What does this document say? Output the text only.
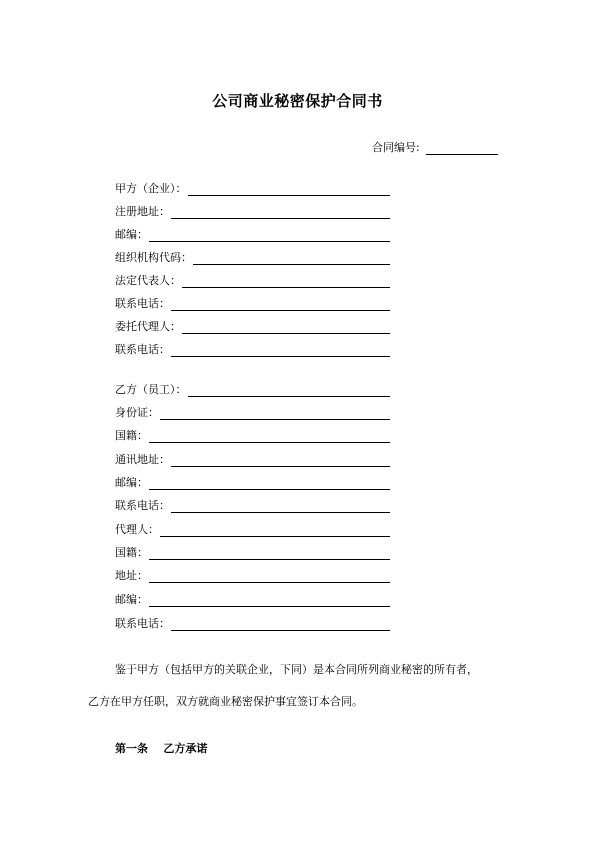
公司商业秘密保护合同书
合同编号:
甲方（企业）：
注册地址：
邮编：
组织机构代码：
法定代表人：
联系电话：
委托代理人：
联系电话：
乙方（员工）：
身份证：
国籍：
通讯地址：
邮编：
联系电话：
代理人：
国籍：
地址：
邮编：
联系电话：
鉴于甲方（包括甲方的关联企业，下同）是本合同所列商业秘密的所有者，
乙方在甲方任职，双方就商业秘密保护事宜签订本合同。
第一条    乙方承诺
